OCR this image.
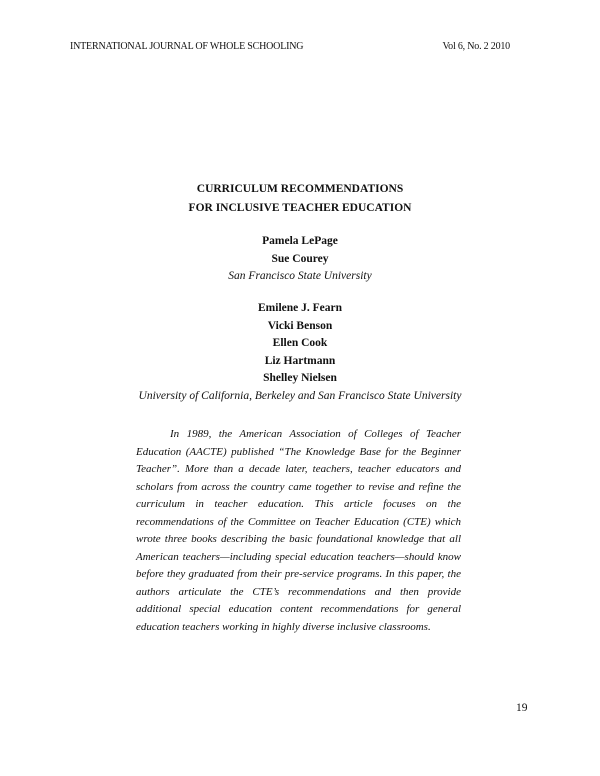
INTERNATIONAL JOURNAL OF WHOLE SCHOOLING	Vol 6, No. 2 2010
CURRICULUM RECOMMENDATIONS
FOR INCLUSIVE TEACHER EDUCATION
Pamela LePage
Sue Courey
San Francisco State University
Emilene J. Fearn
Vicki Benson
Ellen Cook
Liz Hartmann
Shelley Nielsen
University of California, Berkeley and San Francisco State University

In 1989, the American Association of Colleges of Teacher Education (AACTE) published “The Knowledge Base for the Beginner Teacher”. More than a decade later, teachers, teacher educators and scholars from across the country came together to revise and refine the curriculum in teacher education. This article focuses on the recommendations of the Committee on Teacher Education (CTE) which wrote three books describing the basic foundational knowledge that all American teachers—including special education teachers—should know before they graduated from their pre-service programs. In this paper, the authors articulate the CTE’s recommendations and then provide additional special education content recommendations for general education teachers working in highly diverse inclusive classrooms.

19
